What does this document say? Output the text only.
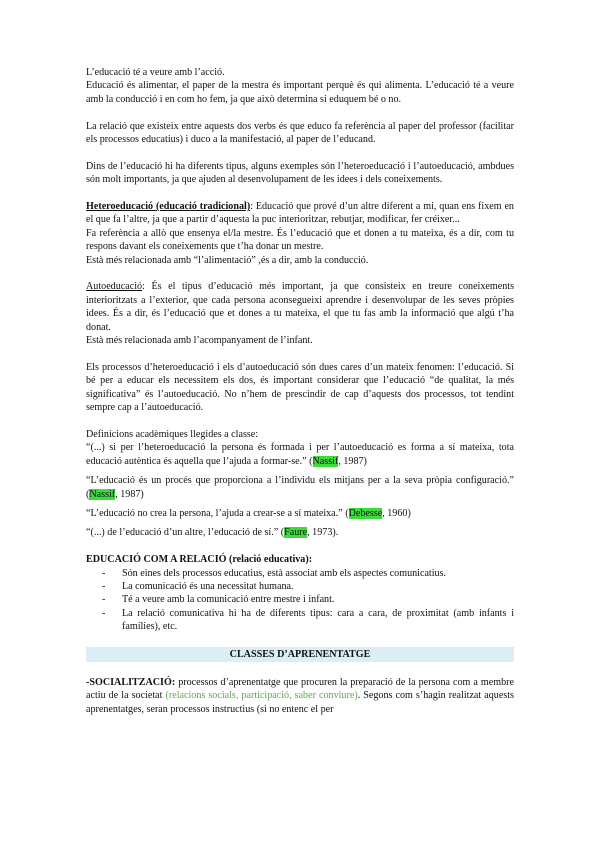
L’educació té a veure amb l’acció.

Educació és alimentar, el paper de la mestra és important perquè és qui alimenta. L’educació té a veure amb la conducció i en com ho fem, ja que això determina si eduquem bé o no.

La relació que existeix entre aquests dos verbs és que educo fa referència al paper del professor (facilitar els processos educatius) i duco a la manifestació, al paper de l’educand.

Dins de l’educació hi ha diferents tipus, alguns exemples són l’heteroeducació i l’autoeducació, ambdues són molt importants, ja que ajuden al desenvolupament de les idees i dels coneixements.

Heteroeducació (educació tradicional): Educació que prové d’un altre diferent a mi, quan ens fixem en el que fa l’altre, ja que a partir d’aquesta la puc interioritzar, rebutjar, modificar, fer créixer...

Fa referència a allò que ensenya el/la mestre. És l’educació que et donen a tu mateixa, és a dir, com tu respons davant els coneixements que t’ha donar un mestre.

Està més relacionada amb “l’alimentació” ,és a dir, amb la conducció.

Autoeducació: És el tipus d’educació més important, ja que consisteix en treure coneixements interioritzats a l’exterior, que cada persona aconsegueixi aprendre i desenvolupar de les seves pròpies idees. És a dir, és l’educació que et dones a tu mateixa, el que tu fas amb la informació que algú t’ha donat.

Està més relacionada amb l’acompanyament de l’infant.

Els processos d’heteroeducació i els d’autoeducació són dues cares d’un mateix fenomen: l’educació. Si bé per a educar els necessitem els dos, és important considerar que l’educació “de qualitat, la més significativa” és l’autoeducació. No n’hem de prescindir de cap d’aquests dos processos, tot tendint sempre cap a l’autoeducació.

Definicions acadèmiques llegides a classe:

“(...) si per l’heteroeducació la persona és formada i per l’autoeducació es forma a sí mateixa, tota educació autèntica és aquella que l’ajuda a formar-se.” (Nassif, 1987)

“L’educació és un procés que proporciona a l’individu els mitjans per a la seva pròpia configuració.” (Nassif, 1987)

“L’educació no crea la persona, l’ajuda a crear-se a sí mateixa.” (Debesse, 1960)

“(...) de l’educació d’un altre, l’educació de sí.” (Faure, 1973).

EDUCACIÓ COM A RELACIÓ (relació educativa):

- Són eines dels processos educatius, està associat amb els aspectes comunicatius.
- La comunicació és una necessitat humana.
- Té a veure amb la comunicació entre mestre i infant.
- La relació comunicativa hi ha de diferents tipus: cara a cara, de proximitat (amb infants i famílies), etc.

CLASSES D’APRENENTATGE

-SOCIALITZACIÓ: processos d’aprenentatge que procuren la preparació de la persona com a membre actiu de la societat (relacions socials, participació, saber conviure). Segons com s’hagin realitzat aquests aprenentatges, seran processos instructius (si no entenc el per
